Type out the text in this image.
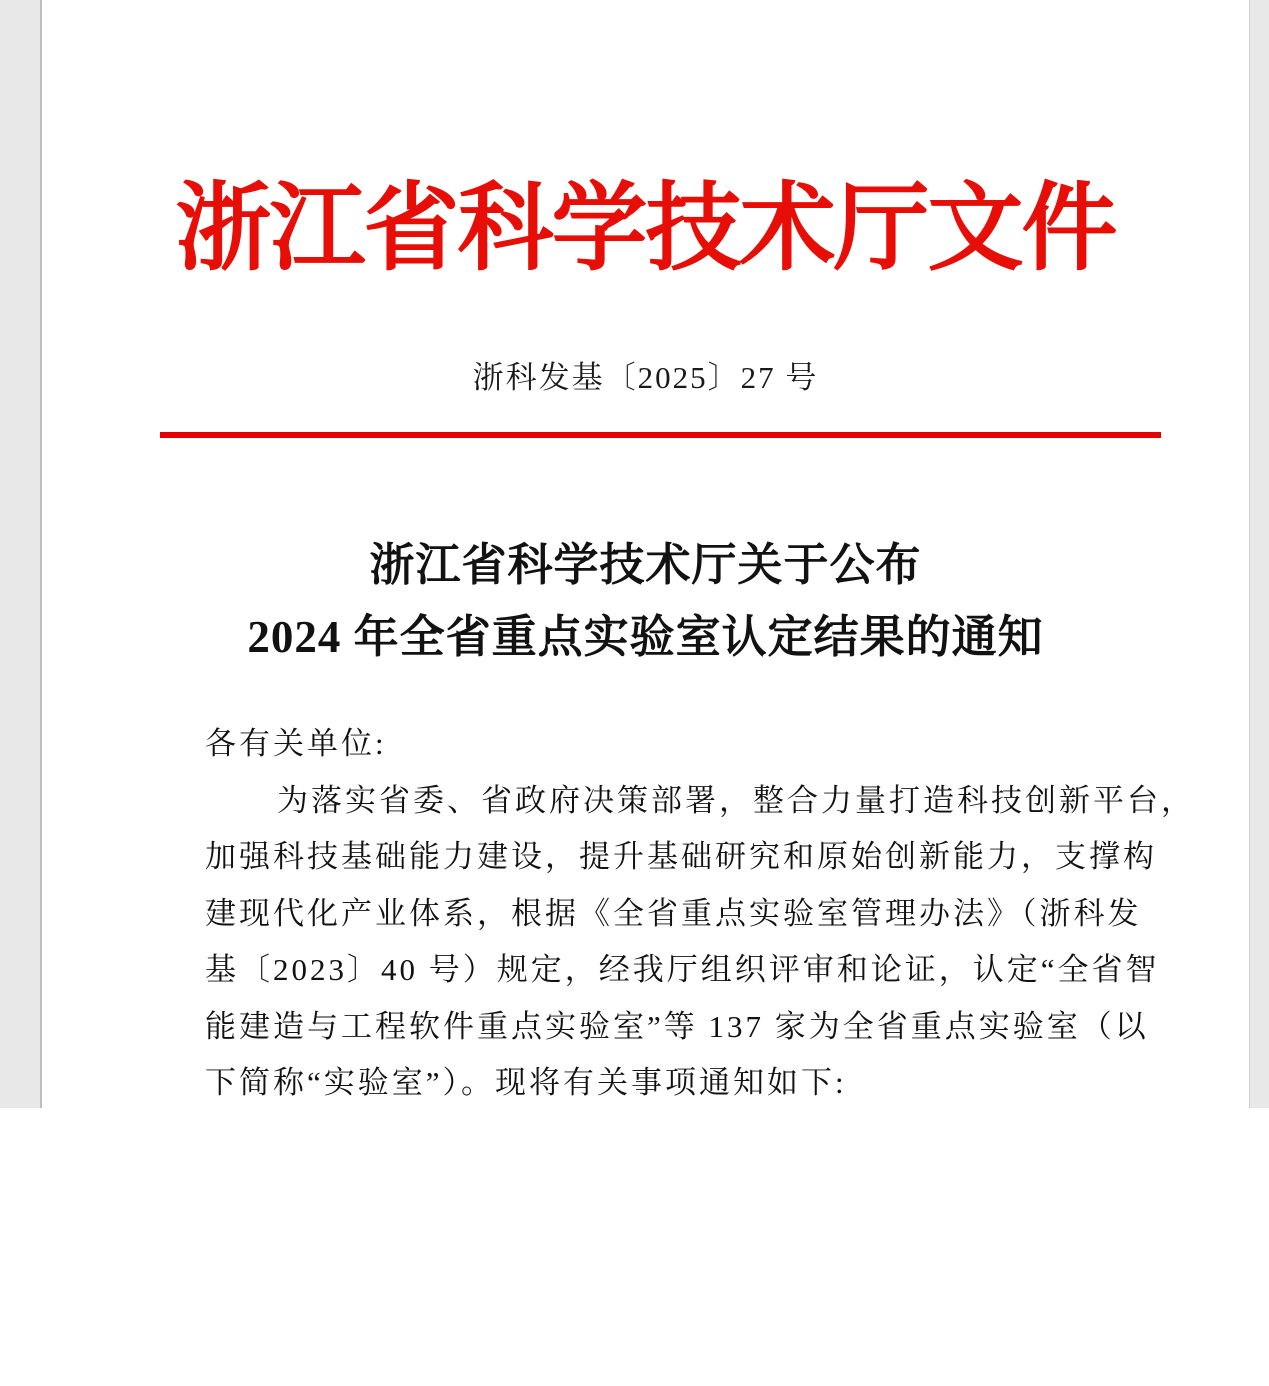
浙江省科学技术厅文件
浙科发基〔2025〕27 号
浙江省科学技术厅关于公布
2024 年全省重点实验室认定结果的通知
各有关单位:
为落实省委、省政府决策部署，整合力量打造科技创新平台，
加强科技基础能力建设，提升基础研究和原始创新能力，支撑构
建现代化产业体系，根据《全省重点实验室管理办法》（浙科发
基〔2023〕40 号）规定，经我厅组织评审和论证，认定“全省智
能建造与工程软件重点实验室”等 137 家为全省重点实验室（以
下简称“实验室”）。现将有关事项通知如下:
